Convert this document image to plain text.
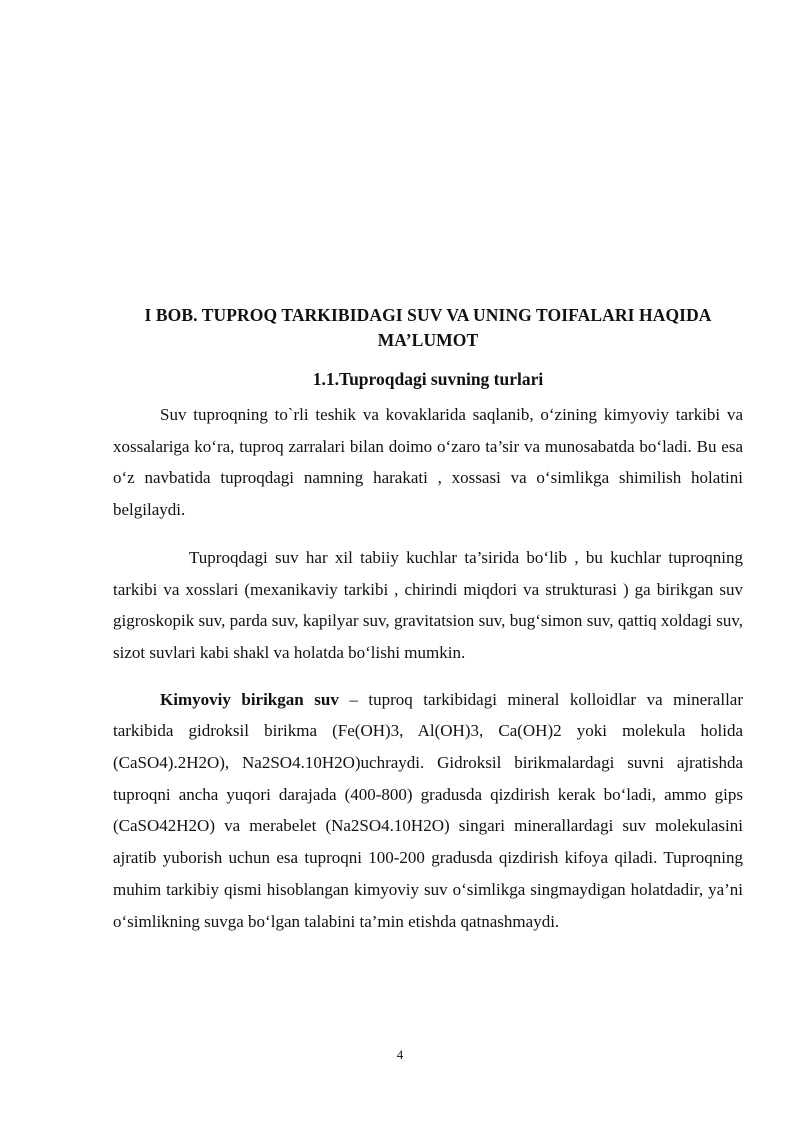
I BOB. TUPROQ TARKIBIDAGI SUV VA UNING TOIFALARI HAQIDA MA’LUMOT
1.1.Tuproqdagi suvning turlari

Suv tuproqning to`rli teshik va kovaklarida saqlanib, o‘zining kimyoviy tarkibi va xossalariga ko‘ra, tuproq zarralari bilan doimo o‘zaro ta’sir va munosabatda bo‘ladi. Bu esa o‘z navbatida tuproqdagi namning harakati , xossasi va o‘simlikga shimilish holatini belgilaydi.

Tuproqdagi suv har xil tabiiy kuchlar ta’sirida bo‘lib , bu kuchlar tuproqning tarkibi va xosslari (mexanikaviy tarkibi , chirindi miqdori va strukturasi ) ga birikgan suv gigroskopik suv, parda suv, kapilyar suv, gravitatsion suv, bug‘simon suv, qattiq xoldagi suv, sizot suvlari kabi shakl va holatda bo‘lishi mumkin.

Kimyoviy birikgan suv – tuproq tarkibidagi mineral kolloidlar va minerallar tarkibida gidroksil birikma (Fe(OH)3, Al(OH)3, Ca(OH)2 yoki molekula holida (CaSO4).2H2O), Na2SO4.10H2O)uchraydi. Gidroksil birikmalardagi suvni ajratishda tuproqni ancha yuqori darajada (400-800) gradusda qizdirish kerak bo‘ladi, ammo gips (CaSO42H2O) va merabelet (Na2SO4.10H2O) singari minerallardagi suv molekulasini ajratib yuborish uchun esa tuproqni 100-200 gradusda qizdirish kifoya qiladi. Tuproqning muhim tarkibiy qismi hisoblangan kimyoviy suv o‘simlikga singmaydigan holatdadir, ya’ni o‘simlikning suvga bo‘lgan talabini ta’min etishda qatnashmaydi.

4
